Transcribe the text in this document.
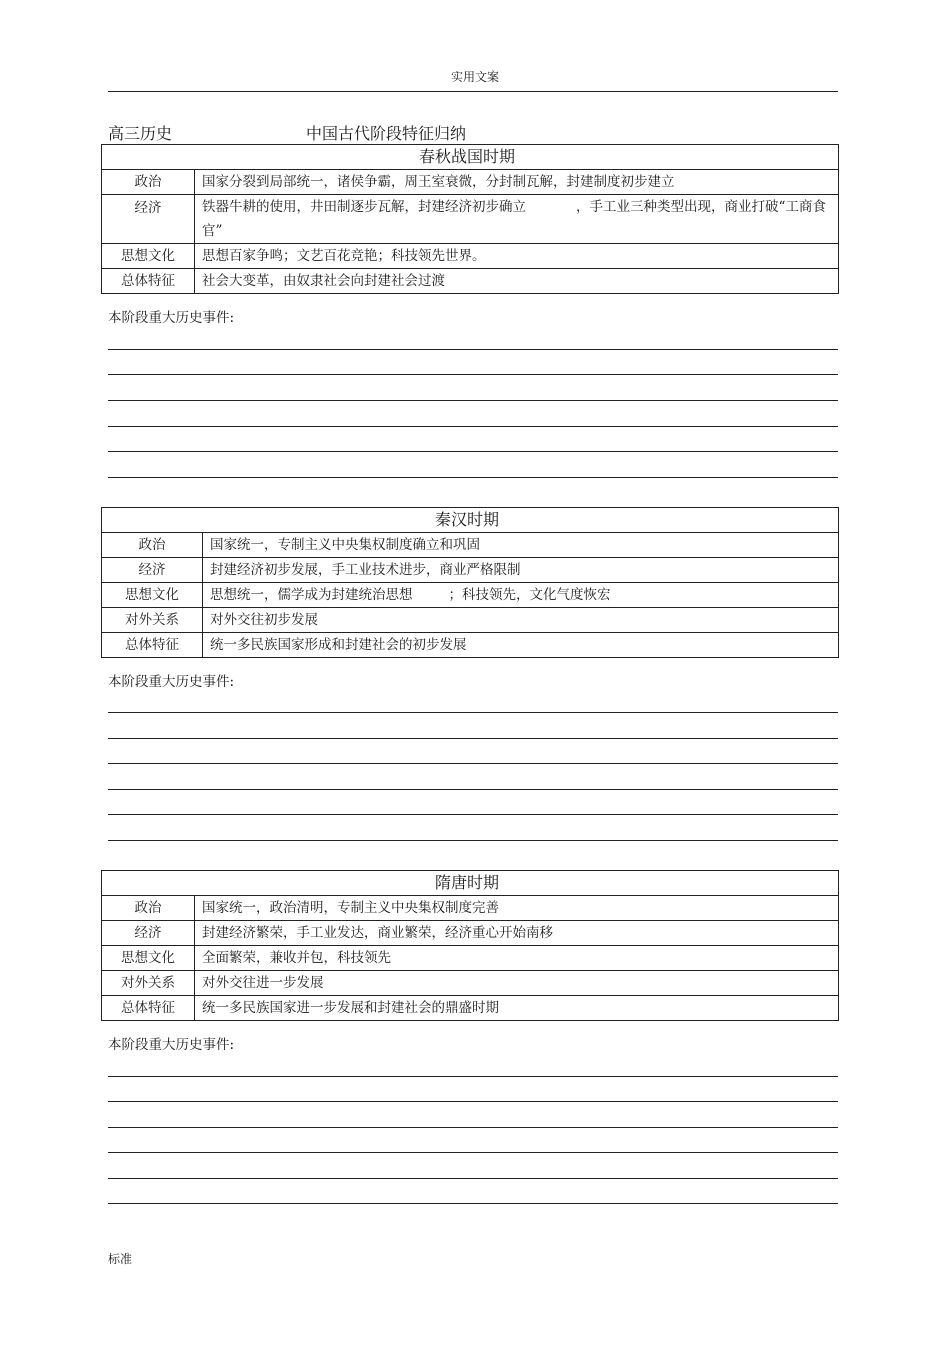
实用文案
高三历史	中国古代阶段特征归纳
春秋战国时期	
政治	国家分裂到局部统一，诸侯争霸，周王室衰微，分封制瓦解，封建制度初步建立
经济	铁器牛耕的使用，井田制逐步瓦解，封建经济初步确立 ，手工业三种类型出现，商业打破“工商食官”
思想文化	思想百家争鸣；文艺百花竞艳；科技领先世界。
总体特征	社会大变革，由奴隶社会向封建社会过渡
本阶段重大历史事件:
秦汉时期	
政治	国家统一，专制主义中央集权制度确立和巩固
经济	封建经济初步发展，手工业技术进步，商业严格限制
思想文化	思想统一，儒学成为封建统治思想 ；科技领先，文化气度恢宏
对外关系	对外交往初步发展
总体特征	统一多民族国家形成和封建社会的初步发展
本阶段重大历史事件:
隋唐时期	
政治	国家统一，政治清明，专制主义中央集权制度完善
经济	封建经济繁荣，手工业发达，商业繁荣，经济重心开始南移
思想文化	全面繁荣，兼收并包，科技领先
对外关系	对外交往进一步发展
总体特征	统一多民族国家进一步发展和封建社会的鼎盛时期
本阶段重大历史事件:
标准
